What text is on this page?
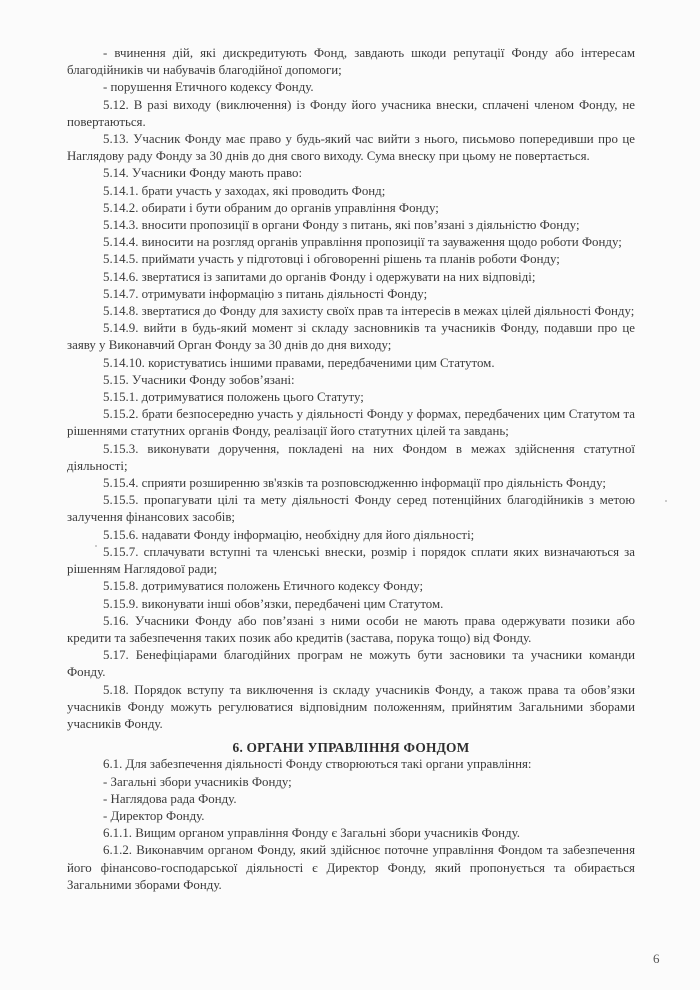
- вчинення дій, які дискредитують Фонд, завдають шкоди репутації Фонду або інтересам благодійників чи набувачів благодійної допомоги;

- порушення Етичного кодексу Фонду.

5.12. В разі виходу (виключення) із Фонду його учасника внески, сплачені членом Фонду, не повертаються.

5.13. Учасник Фонду має право у будь-який час вийти з нього, письмово попередивши про це Наглядову раду Фонду за 30 днів до дня свого виходу. Сума внеску при цьому не повертається.

5.14. Учасники Фонду мають право:

5.14.1. брати участь у заходах, які проводить Фонд;

5.14.2. обирати і бути обраним до органів управління Фонду;

5.14.3. вносити пропозиції в органи Фонду з питань, які пов’язані з діяльністю Фонду;

5.14.4. виносити на розгляд органів управління пропозиції та зауваження щодо роботи Фонду;

5.14.5. приймати участь у підготовці і обговоренні рішень та планів роботи Фонду;

5.14.6. звертатися із запитами до органів Фонду і одержувати на них відповіді;

5.14.7. отримувати інформацію з питань діяльності Фонду;

5.14.8. звертатися до Фонду для захисту своїх прав та інтересів в межах цілей діяльності Фонду;

5.14.9. вийти в будь-який момент зі складу засновників та учасників Фонду, подавши про це заяву у Виконавчий Орган Фонду за 30 днів до дня виходу;

5.14.10. користуватись іншими правами, передбаченими цим Статутом.

5.15. Учасники Фонду зобов’язані:

5.15.1. дотримуватися положень цього Статуту;

5.15.2. брати безпосередню участь у діяльності Фонду у формах, передбачених цим Статутом та рішеннями статутних органів Фонду, реалізації його статутних цілей та завдань;

5.15.3. виконувати доручення, покладені на них Фондом в межах здійснення статутної діяльності;

5.15.4. сприяти розширенню зв'язків та розповсюдженню інформації про діяльність Фонду;

5.15.5. пропагувати цілі та мету діяльності Фонду серед потенційних благодійників з метою залучення фінансових засобів;

5.15.6. надавати Фонду інформацію, необхідну для його діяльності;

5.15.7. сплачувати вступні та членські внески, розмір і порядок сплати яких визначаються за рішенням Наглядової ради;

5.15.8. дотримуватися положень Етичного кодексу Фонду;

5.15.9. виконувати інші обов’язки, передбачені цим Статутом.

5.16. Учасники Фонду або пов’язані з ними особи не мають права одержувати позики або кредити та забезпечення таких позик або кредитів (застава, порука тощо) від Фонду.

5.17. Бенефіціарами благодійних програм не можуть бути засновики та учасники команди Фонду.

5.18. Порядок вступу та виключення із складу учасників Фонду, а також права та обов’язки учасників Фонду можуть регулюватися відповідним положенням, прийнятим Загальними зборами учасників Фонду.

6. ОРГАНИ УПРАВЛІННЯ ФОНДОМ

6.1. Для забезпечення діяльності Фонду створюються такі органи управління:

- Загальні збори учасників Фонду;

- Наглядова рада Фонду.

- Директор Фонду.

6.1.1. Вищим органом управління Фонду є Загальні збори учасників Фонду.

6.1.2. Виконавчим органом Фонду, який здійснює поточне управління Фондом та забезпечення його фінансово-господарської діяльності є Директор Фонду, який пропонується та обирається Загальними зборами Фонду.

6
